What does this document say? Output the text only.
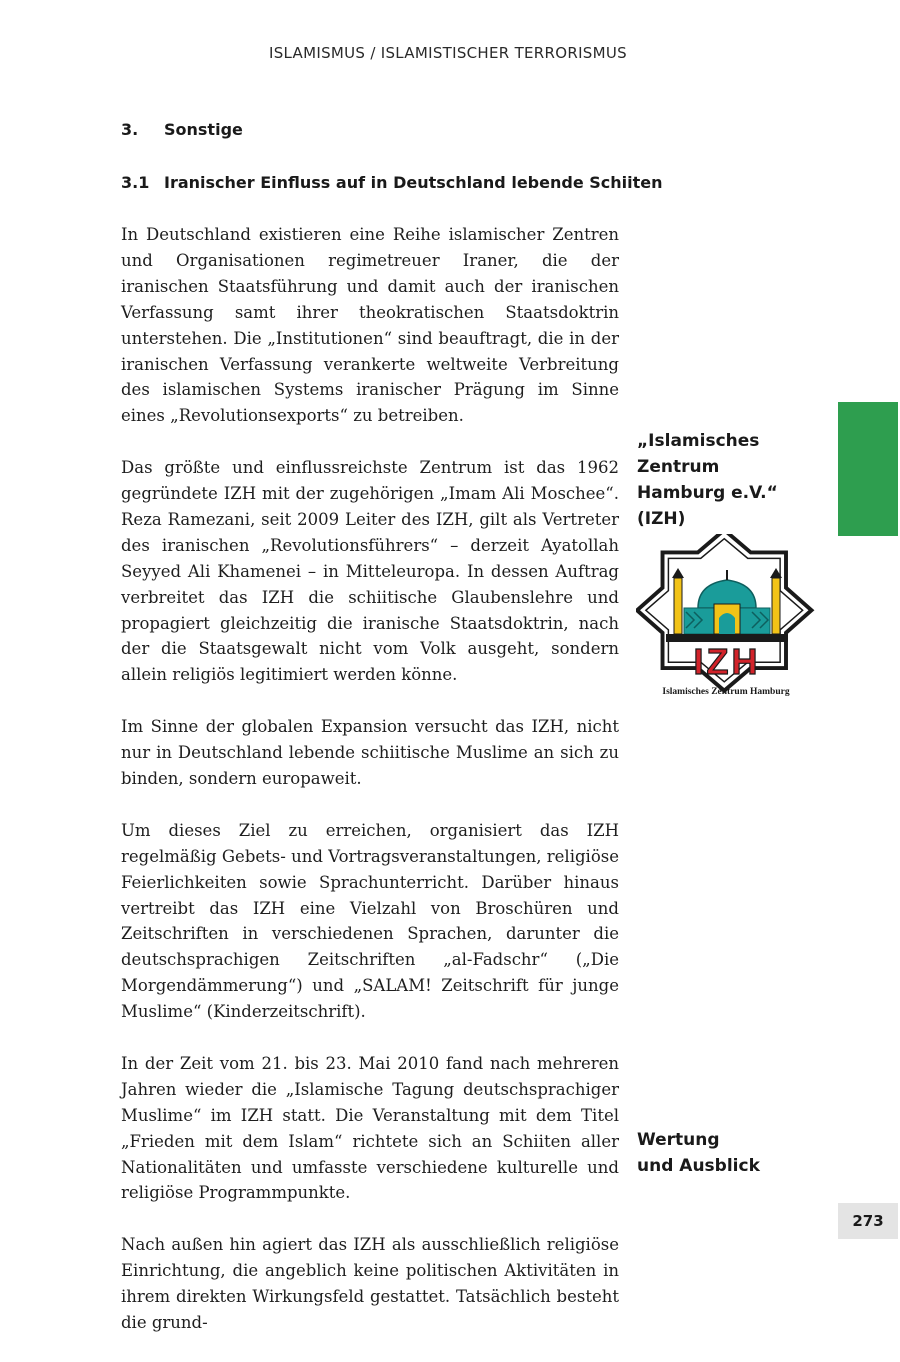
ISLAMISMUS / ISLAMISTISCHER TERRORISMUS
3. Sonstige
3.1 Iranischer Einfluss auf in Deutschland lebende Schiiten

In Deutschland existieren eine Reihe islamischer Zentren und Organisationen regimetreuer Iraner, die der iranischen Staatsführung und damit auch der iranischen Verfassung samt ihrer theokratischen Staatsdoktrin unterstehen. Die „Institutionen“ sind beauftragt, die in der iranischen Verfassung verankerte weltweite Verbreitung des islamischen Systems iranischer Prägung im Sinne eines „Revolutionsexports“ zu betreiben.

Das größte und einflussreichste Zentrum ist das 1962 gegründete IZH mit der zugehörigen „Imam Ali Moschee“. Reza Ramezani, seit 2009 Leiter des IZH, gilt als Vertreter des iranischen „Revolutionsführers“ – derzeit Ayatollah Seyyed Ali Khamenei – in Mitteleuropa. In dessen Auftrag verbreitet das IZH die schiitische Glaubenslehre und propagiert gleichzeitig die iranische Staatsdoktrin, nach der die Staatsgewalt nicht vom Volk ausgeht, sondern allein religiös legitimiert werden könne.

Im Sinne der globalen Expansion versucht das IZH, nicht nur in Deutschland lebende schiitische Muslime an sich zu binden, sondern europaweit.

Um dieses Ziel zu erreichen, organisiert das IZH regelmäßig Gebets- und Vortragsveranstaltungen, religiöse Feierlichkeiten sowie Sprachunterricht. Darüber hinaus vertreibt das IZH eine Vielzahl von Broschüren und Zeitschriften in verschiedenen Sprachen, darunter die deutschsprachigen Zeitschriften „al-Fadschr“ („Die Morgendämmerung“) und „SALAM! Zeitschrift für junge Muslime“ (Kinderzeitschrift).

In der Zeit vom 21. bis 23. Mai 2010 fand nach mehreren Jahren wieder die „Islamische Tagung deutschsprachiger Muslime“ im IZH statt. Die Veranstaltung mit dem Titel „Frieden mit dem Islam“ richtete sich an Schiiten aller Nationalitäten und umfasste verschiedene kulturelle und religiöse Programmpunkte.

Nach außen hin agiert das IZH als ausschließlich religiöse Einrichtung, die angeblich keine politischen Aktivitäten in ihrem direkten Wirkungsfeld gestattet. Tatsächlich besteht die grund-

„Islamisches
Zentrum
Hamburg e.V.“ (IZH)
IZH
Islamisches Zentrum Hamburg
Wertung
und Ausblick
273
